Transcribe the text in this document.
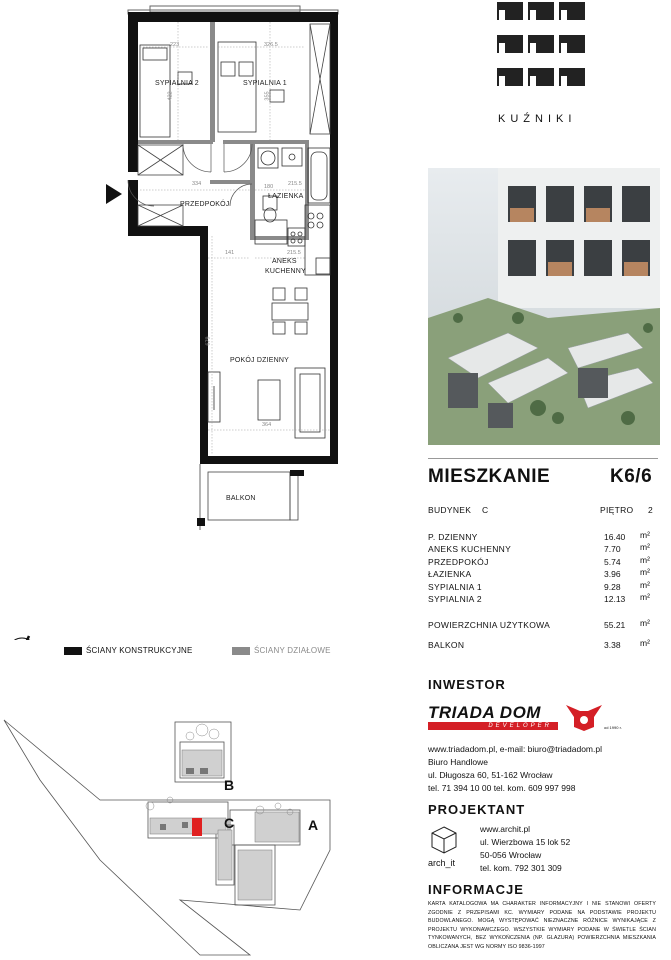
SYPIALNIA 2	SYPIALNIA 1
PRZEDPOKÓJ
ŁAZIENKA
ANEKS
KUCHENNY
POKÓJ DZIENNY
BALKON
223	326.5
422	355
334	215.5
141	215.5
679
364
180
ŚCIANY KONSTRUKCYJNE	ŚCIANY DZIAŁOWE
B
C	A
KUŹNIKI
MIESZKANIE	K6/6
BUDYNEK C	PIĘTRO 2
P. DZIENNY	16.40 m²
ANEKS KUCHENNY	7.70 m²
PRZEDPOKÓJ	5.74 m²
ŁAZIENKA	3.96 m²
SYPIALNIA 1	9.28 m²
SYPIALNIA 2	12.13 m²
POWIERZCHNIA UŻYTKOWA	55.21 m²
BALKON	3.38 m²
INWESTOR
TRIADA DOM
DEVELOPER	od 1990 r.
www.triadadom.pl, e-mail: biuro@triadadom.pl
Biuro Handlowe
ul. Długosza 60, 51-162 Wrocław
tel. 71 394 10 00 tel. kom. 609 997 998
PROJEKTANT
arch_it
www.archit.pl
ul. Wierzbowa 15 lok 52
50-056 Wrocław
tel. kom. 792 301 309
INFORMACJE
KARTA KATALOGOWA MA CHARAKTER INFORMACYJNY I NIE STANOWI OFERTY ZGODNIE Z PRZEPISAMI KC. WYMIARY PODANE NA PODSTAWIE PROJEKTU BUDOWLANEGO. MOGĄ WYSTĘPOWAĆ NIEZNACZNE RÓŻNICE WYNIKAJĄCE Z PROJEKTU WYKONAWCZEGO. WSZYSTKIE WYMIARY PODANE W ŚWIETLE ŚCIAN TYNKOWANYCH, BEZ WYKOŃCZENIA (NP. GLAZURA) POWIERZCHNIA MIESZKANIA OBLICZANA JEST WG NORMY ISO 9836-1997
